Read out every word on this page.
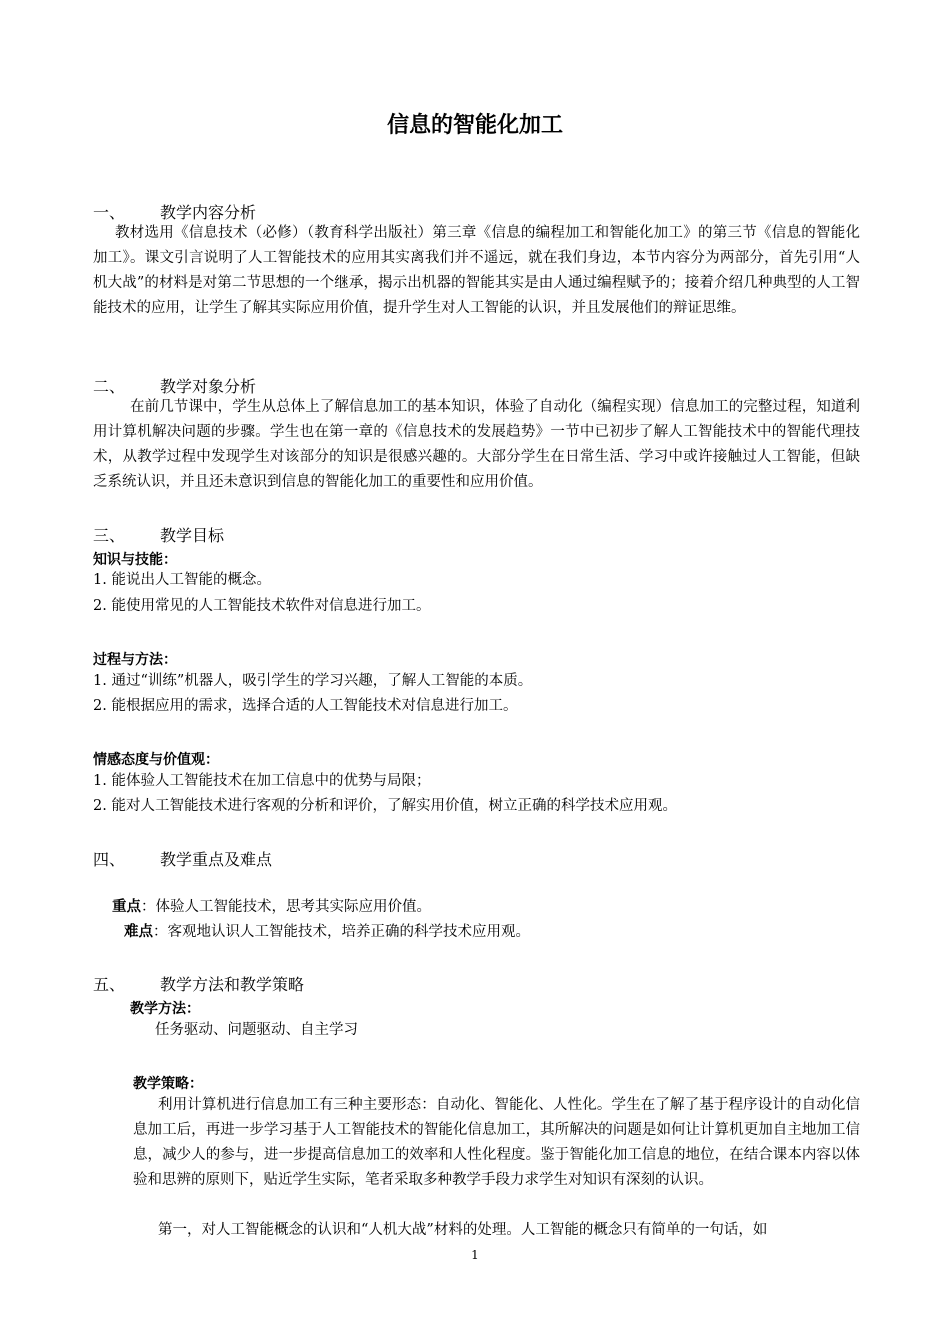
信息的智能化加工
一、 教学内容分析
教材选用《信息技术（必修）（教育科学出版社）第三章《信息的编程加工和智能化加工》的第三节《信息的智能化加工》。课文引言说明了人工智能技术的应用其实离我们并不遥远，就在我们身边，本节内容分为两部分，首先引用“人机大战”的材料是对第二节思想的一个继承，揭示出机器的智能其实是由人通过编程赋予的；接着介绍几种典型的人工智能技术的应用，让学生了解其实际应用价值，提升学生对人工智能的认识，并且发展他们的辩证思维。
二、 教学对象分析
在前几节课中，学生从总体上了解信息加工的基本知识，体验了自动化（编程实现）信息加工的完整过程，知道利用计算机解决问题的步骤。学生也在第一章的《信息技术的发展趋势》一节中已初步了解人工智能技术中的智能代理技术，从教学过程中发现学生对该部分的知识是很感兴趣的。大部分学生在日常生活、学习中或许接触过人工智能，但缺乏系统认识，并且还未意识到信息的智能化加工的重要性和应用价值。
三、 教学目标
知识与技能：
1. 能说出人工智能的概念。
2. 能使用常见的人工智能技术软件对信息进行加工。
过程与方法：
1. 通过“训练”机器人，吸引学生的学习兴趣，了解人工智能的本质。
2. 能根据应用的需求，选择合适的人工智能技术对信息进行加工。
情感态度与价值观：
1. 能体验人工智能技术在加工信息中的优势与局限；
2. 能对人工智能技术进行客观的分析和评价，了解实用价值，树立正确的科学技术应用观。
四、 教学重点及难点
重点：体验人工智能技术，思考其实际应用价值。
难点：客观地认识人工智能技术，培养正确的科学技术应用观。
五、 教学方法和教学策略
教学方法：
任务驱动、问题驱动、自主学习
教学策略：
利用计算机进行信息加工有三种主要形态：自动化、智能化、人性化。学生在了解了基于程序设计的自动化信息加工后，再进一步学习基于人工智能技术的智能化信息加工，其所解决的问题是如何让计算机更加自主地加工信息，减少人的参与，进一步提高信息加工的效率和人性化程度。鉴于智能化加工信息的地位，在结合课本内容以体验和思辨的原则下，贴近学生实际，笔者采取多种教学手段力求学生对知识有深刻的认识。
第一，对人工智能概念的认识和“人机大战”材料的处理。人工智能的概念只有简单的一句话，如
1
